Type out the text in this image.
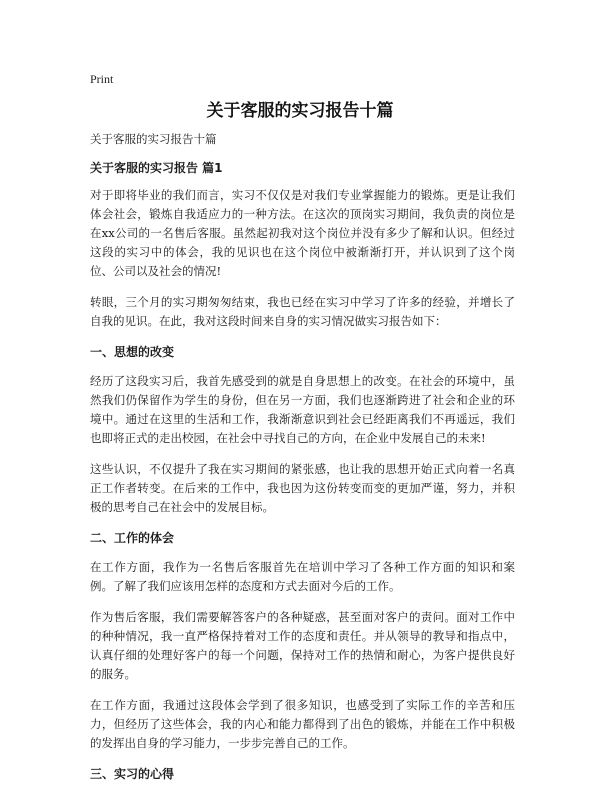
Print
关于客服的实习报告十篇

关于客服的实习报告十篇

关于客服的实习报告 篇1

对于即将毕业的我们而言，实习不仅仅是对我们专业掌握能力的锻炼。更是让我们体会社会，锻炼自我适应力的一种方法。在这次的顶岗实习期间，我负责的岗位是在xx公司的一名售后客服。虽然起初我对这个岗位并没有多少了解和认识。但经过这段的实习中的体会，我的见识也在这个岗位中被渐渐打开，并认识到了这个岗位、公司以及社会的情况!

转眼，三个月的实习期匆匆结束，我也已经在实习中学习了许多的经验，并增长了自我的见识。在此，我对这段时间来自身的实习情况做实习报告如下：

一、思想的改变

经历了这段实习后，我首先感受到的就是自身思想上的改变。在社会的环境中，虽然我们仍保留作为学生的身份，但在另一方面，我们也逐渐跨进了社会和企业的环境中。通过在这里的生活和工作，我渐渐意识到社会已经距离我们不再遥远，我们也即将正式的走出校园，在社会中寻找自己的方向，在企业中发展自己的未来!

这些认识，不仅提升了我在实习期间的紧张感，也让我的思想开始正式向着一名真正工作者转变。在后来的工作中，我也因为这份转变而变的更加严谨，努力，并积极的思考自己在社会中的发展目标。

二、工作的体会

在工作方面，我作为一名售后客服首先在培训中学习了各种工作方面的知识和案例。了解了我们应该用怎样的态度和方式去面对今后的工作。

作为售后客服，我们需要解答客户的各种疑惑，甚至面对客户的责问。面对工作中的种种情况，我一直严格保持着对工作的态度和责任。并从领导的教导和指点中，认真仔细的处理好客户的每一个问题，保持对工作的热情和耐心，为客户提供良好的服务。

在工作方面，我通过这段体会学到了很多知识，也感受到了实际工作的辛苦和压力，但经历了这些体会，我的内心和能力都得到了出色的锻炼，并能在工作中积极的发挥出自身的学习能力，一步步完善自己的工作。

三、实习的心得
